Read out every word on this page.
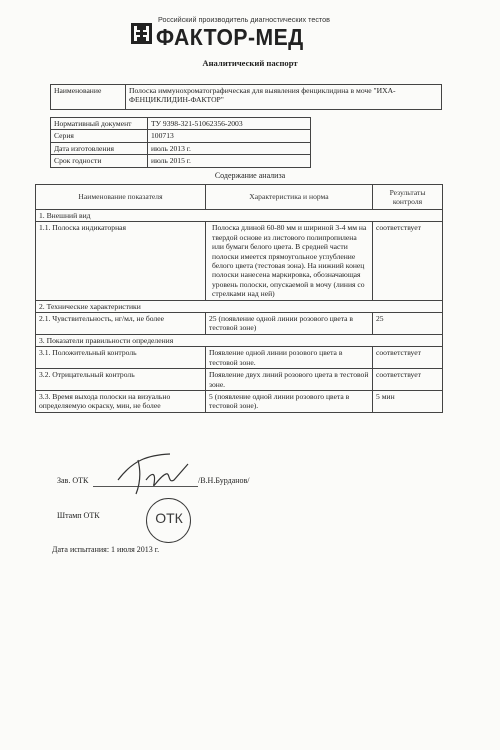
Российский производитель диагностических тестов
ФАКТОР-МЕД
Аналитический паспорт
Наименование	Полоска иммунохроматографическая для выявления фенциклидина в моче "ИХА-ФЕНЦИКЛИДИН-ФАКТОР"
Нормативный документ	ТУ 9398-321-51062356-2003
Серия	100713
Дата изготовления	июль 2013 г.
Срок годности	июль 2015 г.
Содержание анализа
Наименование показателя	Характеристика и норма	Результаты контроля
1. Внешний вид		
1.1. Полоска индикаторная	Полоска длиной 60-80 мм и шириной 3-4 мм на твердой основе из листового полипропилена или бумаги белого цвета. В средней части полоски имеется прямоугольное углубление белого цвета (тестовая зона). На нижний конец полоски нанесена маркировка, обозначающая уровень полоски, опускаемой в мочу (линия со стрелками над ней)	соответствует
2. Технические характеристики		
2.1. Чувствительность, нг/мл, не более	25 (появление одной линии розового цвета в тестовой зоне)	25
3. Показатели правильности определения		
3.1. Положительный контроль	Появление одной линии розового цвета в тестовой зоне.	соответствует
3.2. Отрицательный контроль	Появление двух линий розового цвета в тестовой зоне.	соответствует
3.3. Время выхода полоски на визуально определяемую окраску, мин, не более	5 (появление одной линии розового цвета в тестовой зоне).	5 мин
Зав. ОТК	/В.Н.Бурданов/
Штамп ОТК	ОТК
Дата испытания: 1 июля 2013 г.
